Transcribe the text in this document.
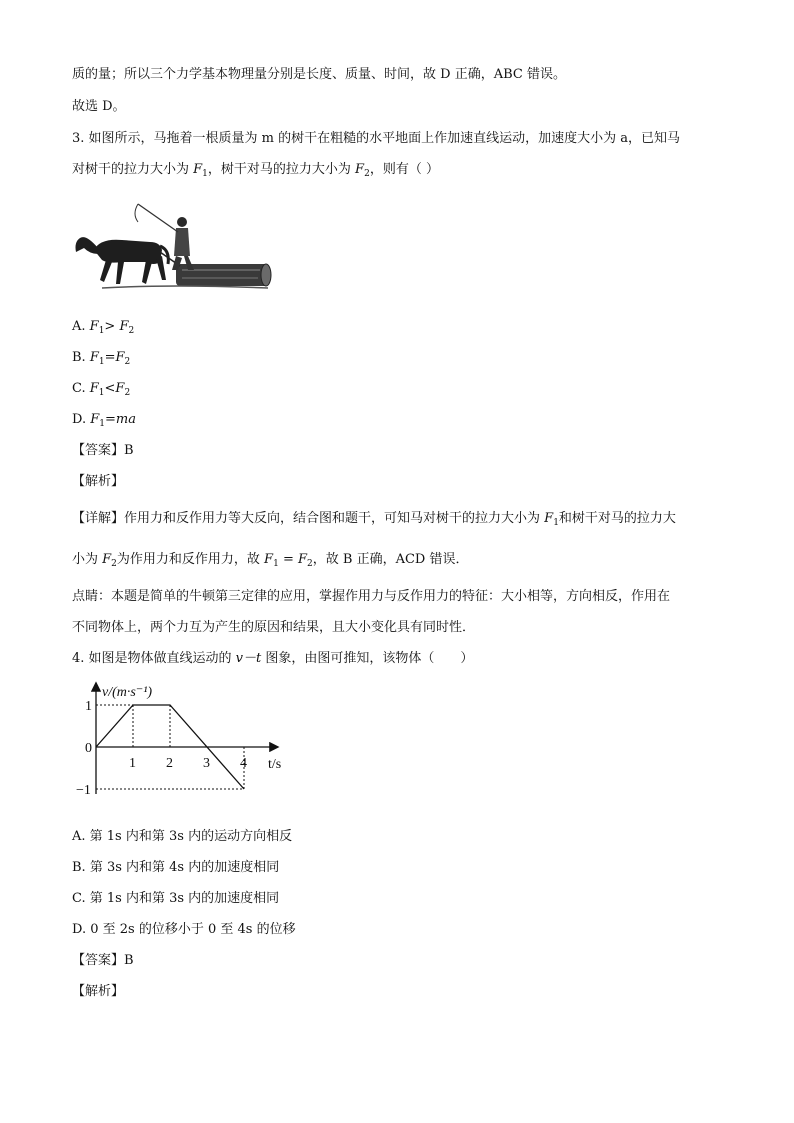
质的量；所以三个力学基本物理量分别是长度、质量、时间，故 D 正确，ABC 错误。
故选 D。
3. 如图所示，马拖着一根质量为 m 的树干在粗糙的水平地面上作加速直线运动，加速度大小为 a，已知马
对树干的拉力大小为 $F_1$，树干对马的拉力大小为 $F_2$，则有（ ）
A. $F_1> F_2$
B. $F_1=F_2$
C. $F_1<F_2$
D. $F_1=ma$
【答案】B
【解析】
【详解】作用力和反作用力等大反向，结合图和题干，可知马对树干的拉力大小为 $F_1$和树干对马的拉力大
小为 $F_2$为作用力和反作用力，故 $F_1 = F_2$，故 B 正确，ACD 错误．
点睛：本题是简单的牛顿第三定律的应用，掌握作用力与反作用力的特征：大小相等，方向相反，作用在
不同物体上，两个力互为产生的原因和结果，且大小变化具有同时性．
4. 如图是物体做直线运动的 v－t 图象，由图可推知，该物体（　　）
1 2 3 4
1
−1
v/(m·s⁻¹)
t/s
0
A. 第 1s 内和第 3s 内的运动方向相反
B. 第 3s 内和第 4s 内的加速度相同
C. 第 1s 内和第 3s 内的加速度相同
D. 0 至 2s 的位移小于 0 至 4s 的位移
【答案】B
【解析】
